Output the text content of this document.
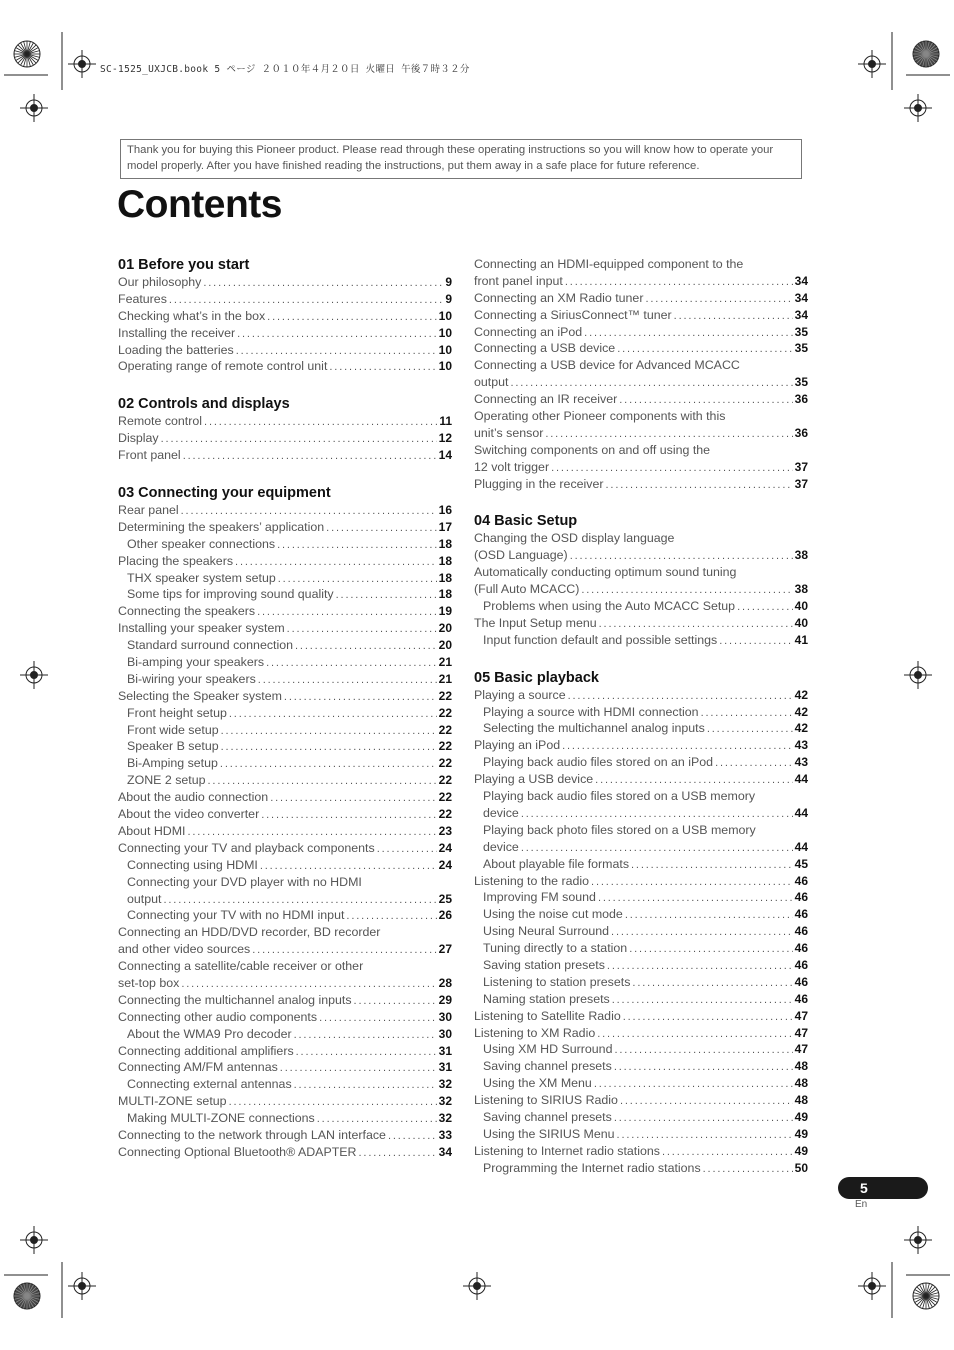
SC-1525_UXJCB.book 5 ページ ２０１０年４月２０日 火曜日 午後７時３２分
Thank you for buying this Pioneer product. Please read through these operating instructions so you will know how to operate your model properly. After you have finished reading the instructions, put them away in a safe place for future reference.
Contents
01 Before you start
Our philosophy . . .	9
Features . . .	9
Checking what’s in the box . . .	10
Installing the receiver . . .	10
Loading the batteries . . .	10
Operating range of remote control unit . . .	10
02 Controls and displays
Remote control . . .	11
Display . . .	12
Front panel . . .	14
03 Connecting your equipment
Rear panel . . .	16
Determining the speakers’ application . . .	17
Other speaker connections . . .	18
Placing the speakers . . .	18
THX speaker system setup . . .	18
Some tips for improving sound quality . . .	18
Connecting the speakers . . .	19
Installing your speaker system . . .	20
Standard surround connection . . .	20
Bi-amping your speakers . . .	21
Bi-wiring your speakers . . .	21
Selecting the Speaker system . . .	22
Front height setup . . .	22
Front wide setup . . .	22
Speaker B setup . . .	22
Bi-Amping setup . . .	22
ZONE 2 setup . . .	22
About the audio connection . . .	22
About the video converter . . .	22
About HDMI . . .	23
Connecting your TV and playback components . . .	24
Connecting using HDMI . . .	24
Connecting your DVD player with no HDMI
output . . .	25
Connecting your TV with no HDMI input . . .	26
Connecting an HDD/DVD recorder, BD recorder
and other video sources . . .	27
Connecting a satellite/cable receiver or other
set-top box . . .	28
Connecting the multichannel analog inputs . . .	29
Connecting other audio components . . .	30
About the WMA9 Pro decoder . . .	30
Connecting additional amplifiers . . .	31
Connecting AM/FM antennas . . .	31
Connecting external antennas . . .	32
MULTI-ZONE setup . . .	32
Making MULTI-ZONE connections . . .	32
Connecting to the network through LAN interface . . .	33
Connecting Optional Bluetooth® ADAPTER . . .	34
Connecting an HDMI-equipped component to the
front panel input . . .	34
Connecting an XM Radio tuner . . .	34
Connecting a SiriusConnect™ tuner . . .	34
Connecting an iPod . . .	35
Connecting a USB device . . .	35
Connecting a USB device for Advanced MCACC
output . . .	35
Connecting an IR receiver . . .	36
Operating other Pioneer components with this
unit’s sensor . . .	36
Switching components on and off using the
12 volt trigger . . .	37
Plugging in the receiver . . .	37
04 Basic Setup
Changing the OSD display language
(OSD Language) . . .	38
Automatically conducting optimum sound tuning
(Full Auto MCACC) . . .	38
Problems when using the Auto MCACC Setup . . .	40
The Input Setup menu . . .	40
Input function default and possible settings . . .	41
05 Basic playback
Playing a source . . .	42
Playing a source with HDMI connection . . .	42
Selecting the multichannel analog inputs . . .	42
Playing an iPod . . .	43
Playing back audio files stored on an iPod . . .	43
Playing a USB device . . .	44
Playing back audio files stored on a USB memory
device . . .	44
Playing back photo files stored on a USB memory
device . . .	44
About playable file formats . . .	45
Listening to the radio . . .	46
Improving FM sound . . .	46
Using the noise cut mode . . .	46
Using Neural Surround . . .	46
Tuning directly to a station . . .	46
Saving station presets . . .	46
Listening to station presets . . .	46
Naming station presets . . .	46
Listening to Satellite Radio . . .	47
Listening to XM Radio . . .	47
Using XM HD Surround . . .	47
Saving channel presets . . .	48
Using the XM Menu . . .	48
Listening to SIRIUS Radio . . .	48
Saving channel presets . . .	49
Using the SIRIUS Menu . . .	49
Listening to Internet radio stations . . .	49
Programming the Internet radio stations . . .	50
5
En
